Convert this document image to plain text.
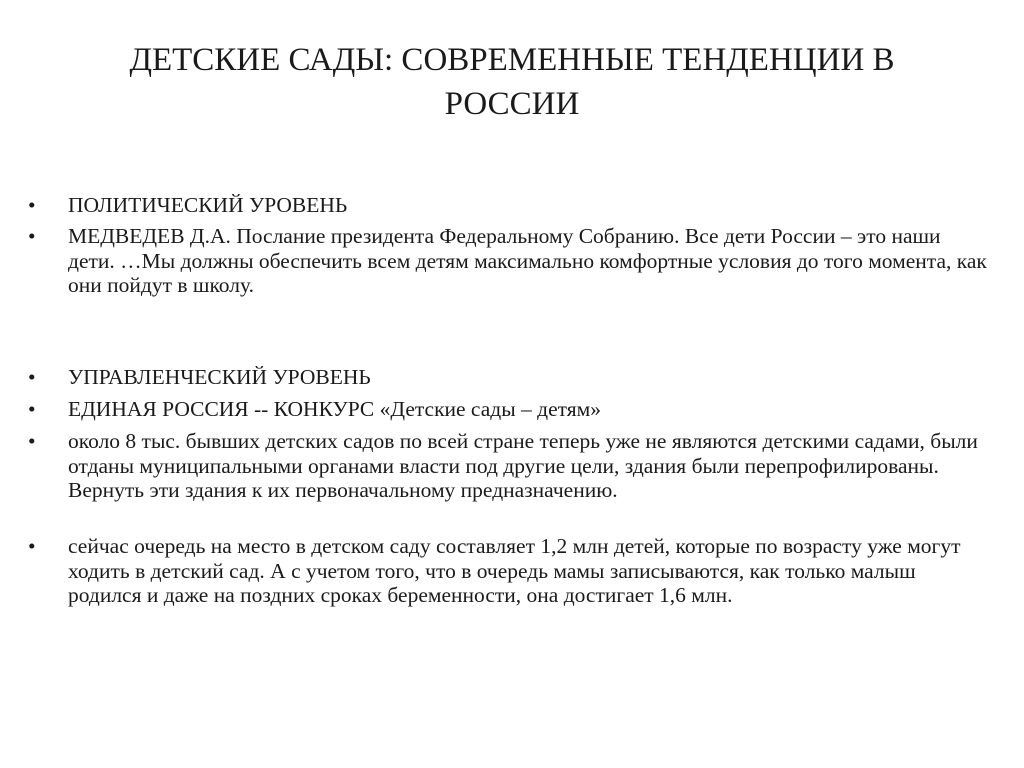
ДЕТСКИЕ САДЫ: СОВРЕМЕННЫЕ ТЕНДЕНЦИИ В РОССИИ
• ПОЛИТИЧЕСКИЙ УРОВЕНЬ
• МЕДВЕДЕВ Д.А. Послание президента Федеральному Собранию. Все дети России – это наши дети. …Мы должны обеспечить всем детям максимально комфортные условия до того момента, как они пойдут в школу.
• УПРАВЛЕНЧЕСКИЙ УРОВЕНЬ
• ЕДИНАЯ РОССИЯ -- КОНКУРС «Детские сады – детям»
• около 8 тыс. бывших детских садов по всей стране теперь уже не являются детскими садами, были отданы муниципальными органами власти под другие цели, здания были перепрофилированы. Вернуть эти здания к их первоначальному предназначению.
• сейчас очередь на место в детском саду составляет 1,2 млн детей, которые по возрасту уже могут ходить в детский сад. А с учетом того, что в очередь мамы записываются, как только малыш родился и даже на поздних сроках беременности, она достигает 1,6 млн.
